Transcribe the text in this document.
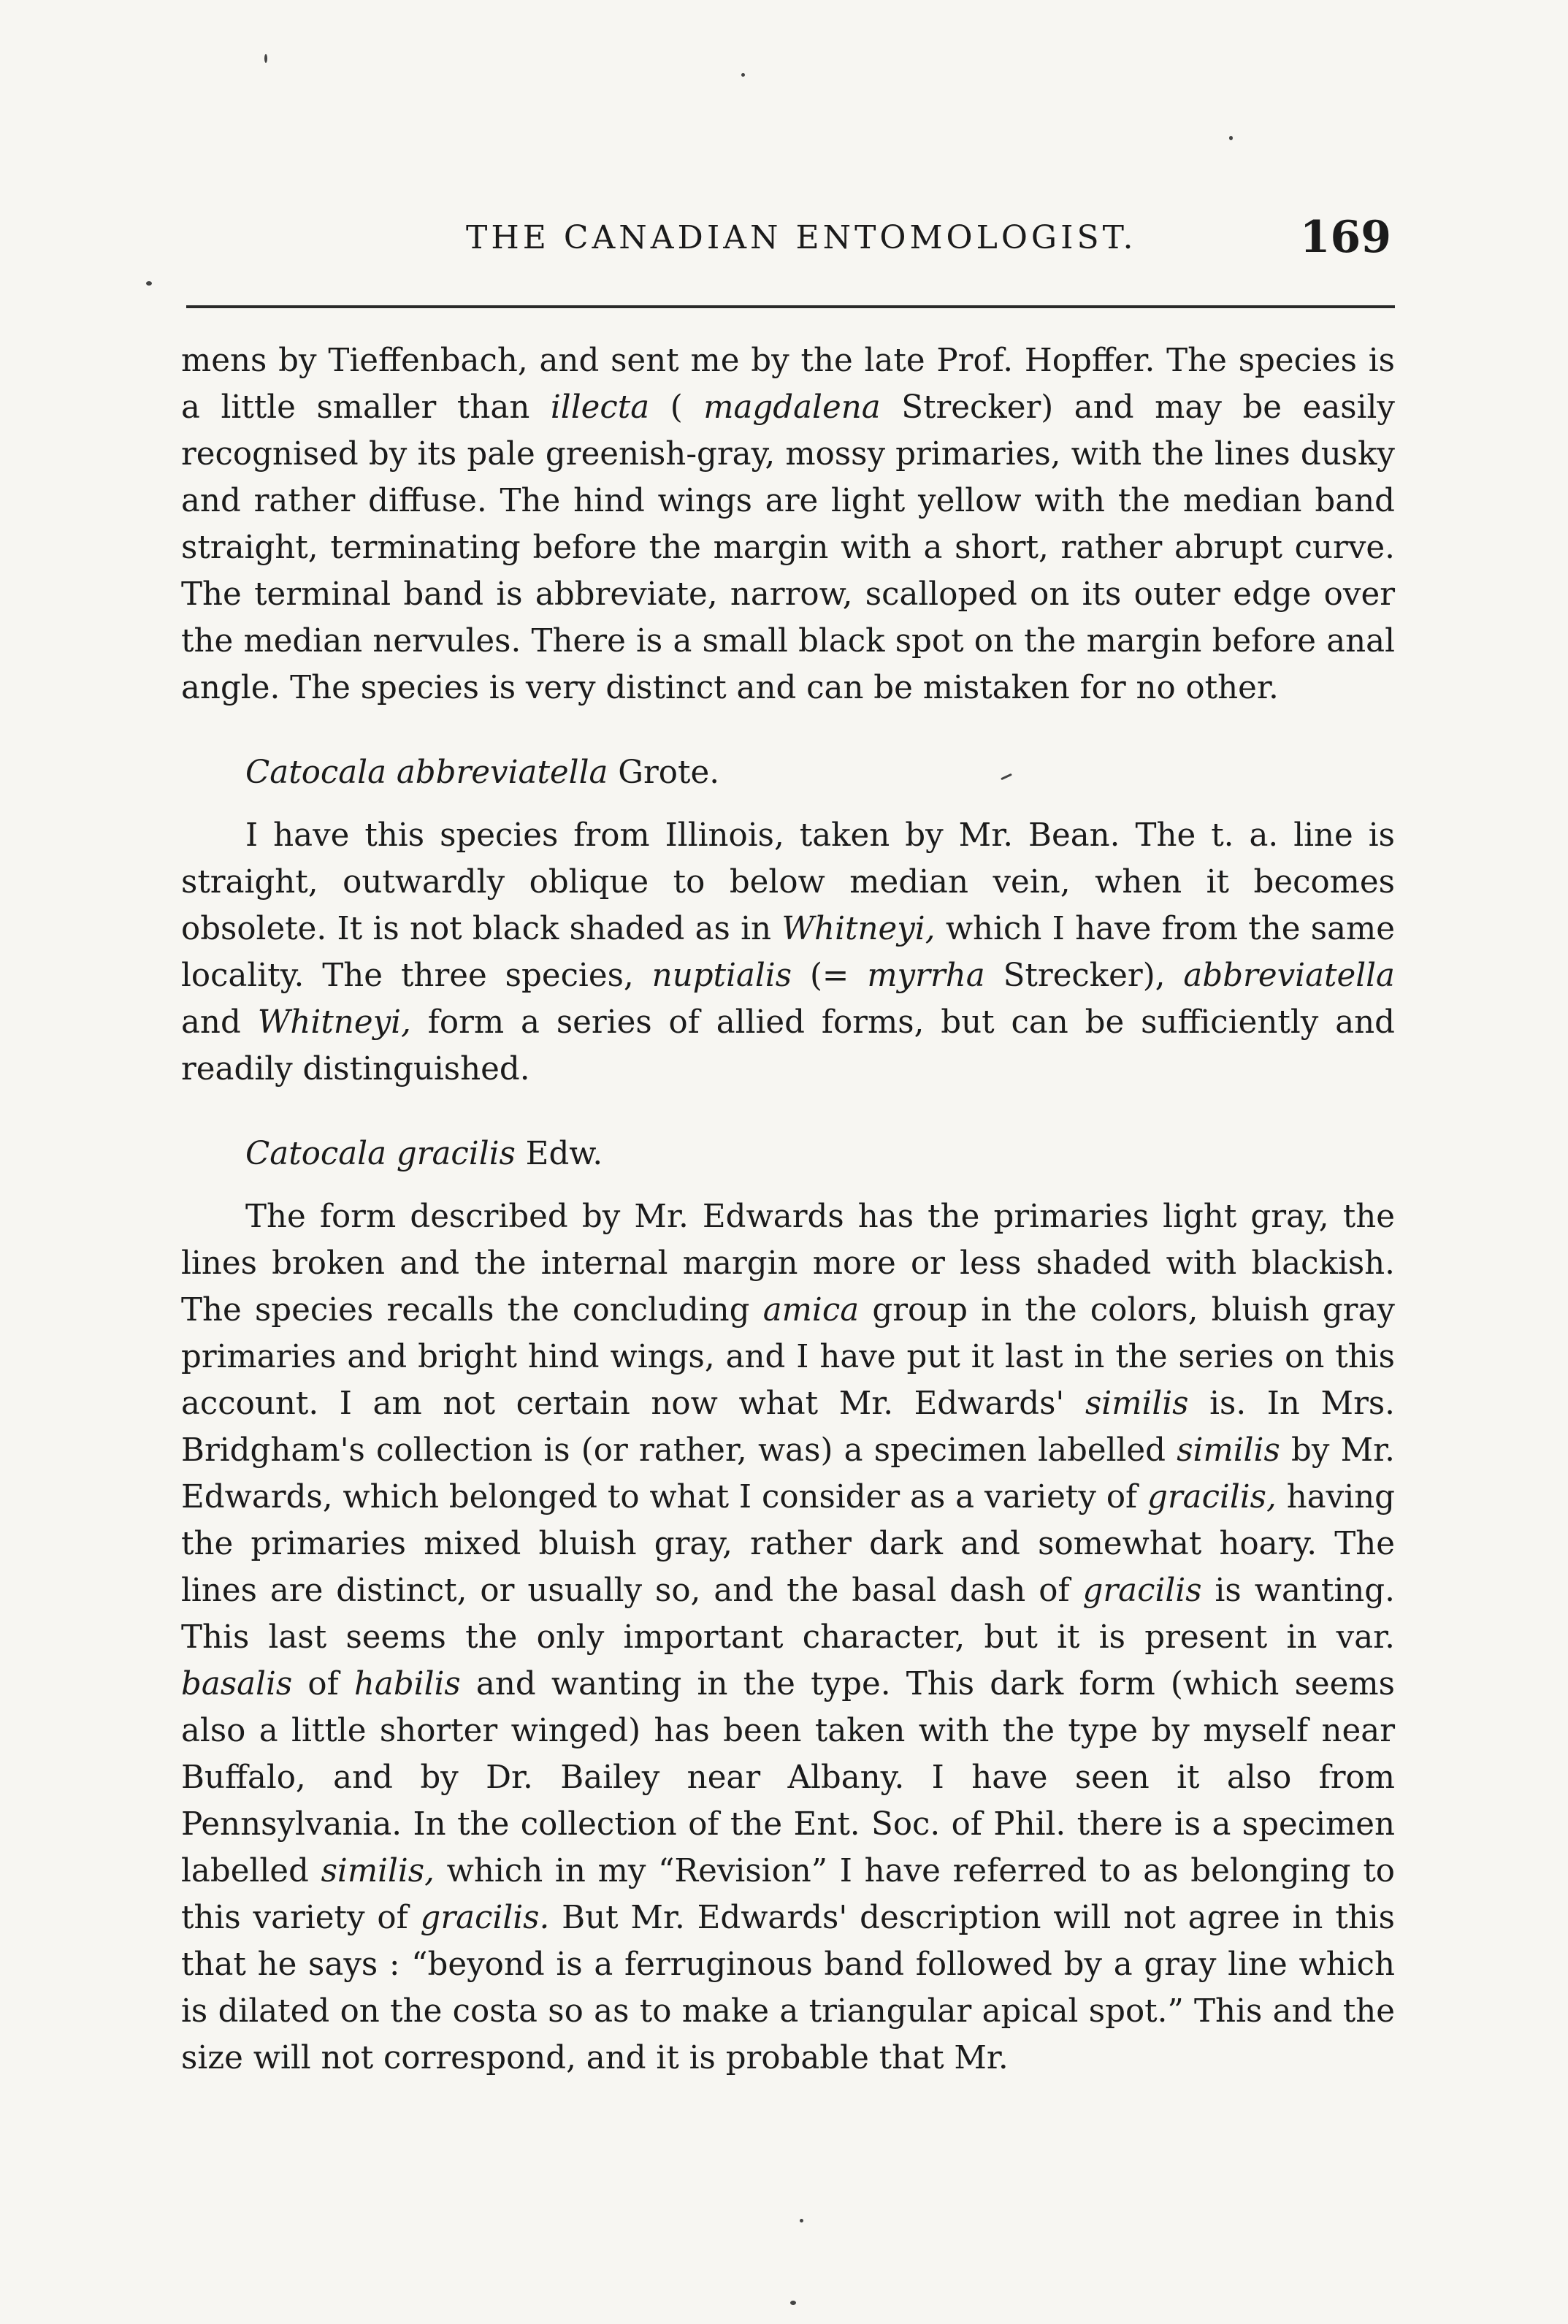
THE CANADIAN ENTOMOLOGIST.	169

mens by Tieffenbach, and sent me by the late Prof. Hopffer. The species is a little smaller than illecta ( magdalena Strecker) and may be easily recognised by its pale greenish-gray, mossy primaries, with the lines dusky and rather diffuse. The hind wings are light yellow with the median band straight, terminating before the margin with a short, rather abrupt curve. The terminal band is abbreviate, narrow, scalloped on its outer edge over the median nervules. There is a small black spot on the margin before anal angle. The species is very distinct and can be mistaken for no other.

Catocala abbreviatella Grote.

I have this species from Illinois, taken by Mr. Bean. The t. a. line is straight, outwardly oblique to below median vein, when it becomes obsolete. It is not black shaded as in Whitneyi, which I have from the same locality. The three species, nuptialis (= myrrha Strecker), abbreviatella and Whitneyi, form a series of allied forms, but can be sufficiently and readily distinguished.

Catocala gracilis Edw.

The form described by Mr. Edwards has the primaries light gray, the lines broken and the internal margin more or less shaded with blackish. The species recalls the concluding amica group in the colors, bluish gray primaries and bright hind wings, and I have put it last in the series on this account. I am not certain now what Mr. Edwards' similis is. In Mrs. Bridgham's collection is (or rather, was) a specimen labelled similis by Mr. Edwards, which belonged to what I consider as a variety of gracilis, having the primaries mixed bluish gray, rather dark and somewhat hoary. The lines are distinct, or usually so, and the basal dash of gracilis is wanting. This last seems the only important character, but it is present in var. basalis of habilis and wanting in the type. This dark form (which seems also a little shorter winged) has been taken with the type by myself near Buffalo, and by Dr. Bailey near Albany. I have seen it also from Pennsylvania. In the collection of the Ent. Soc. of Phil. there is a specimen labelled similis, which in my “Revision” I have referred to as belonging to this variety of gracilis. But Mr. Edwards' description will not agree in this that he says : “beyond is a ferruginous band followed by a gray line which is dilated on the costa so as to make a triangular apical spot.” This and the size will not correspond, and it is probable that Mr.
